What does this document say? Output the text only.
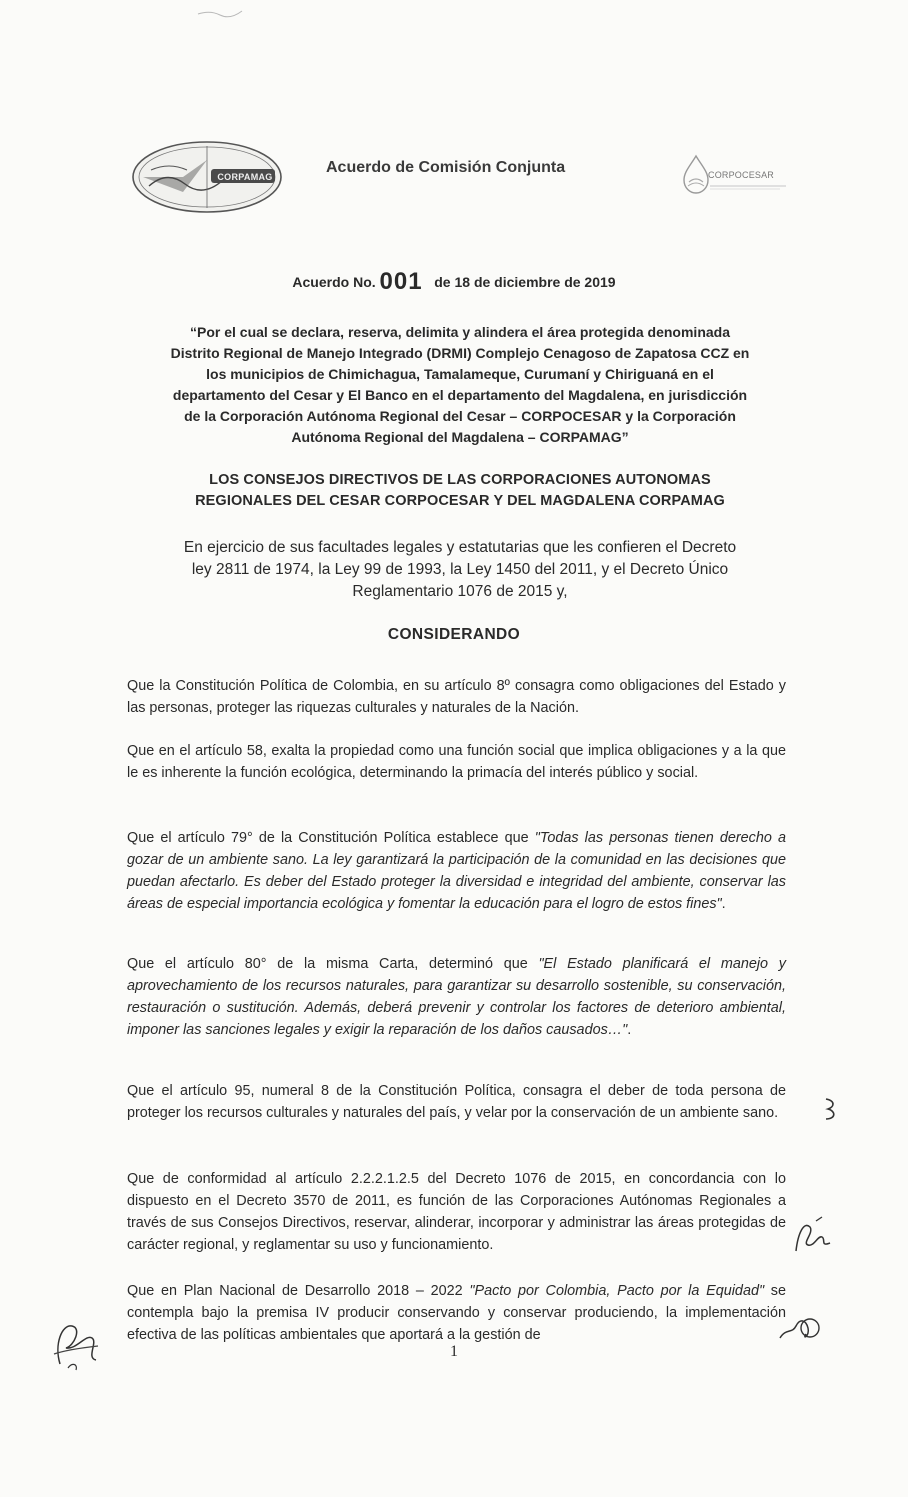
CORPAMAG
Acuerdo de Comisión Conjunta	CORPOCESAR
Acuerdo No. 001 de 18 de diciembre de 2019
“Por el cual se declara, reserva, delimita y alindera el área protegida denominada
Distrito Regional de Manejo Integrado (DRMI) Complejo Cenagoso de Zapatosa CCZ en
los municipios de Chimichagua, Tamalameque, Curumaní y Chiriguaná en el
departamento del Cesar y El Banco en el departamento del Magdalena, en jurisdicción
de la Corporación Autónoma Regional del Cesar – CORPOCESAR y la Corporación
Autónoma Regional del Magdalena – CORPAMAG”
LOS CONSEJOS DIRECTIVOS DE LAS CORPORACIONES AUTONOMAS
REGIONALES DEL CESAR CORPOCESAR Y DEL MAGDALENA CORPAMAG
En ejercicio de sus facultades legales y estatutarias que les confieren el Decreto
ley 2811 de 1974, la Ley 99 de 1993, la Ley 1450 del 2011, y el Decreto Único
Reglamentario 1076 de 2015 y,
CONSIDERANDO
Que la Constitución Política de Colombia, en su artículo 8º consagra como obligaciones del Estado y las personas, proteger las riquezas culturales y naturales de la Nación.
Que en el artículo 58, exalta la propiedad como una función social que implica obligaciones y a la que le es inherente la función ecológica, determinando la primacía del interés público y social.
Que el artículo 79° de la Constitución Política establece que "Todas las personas tienen derecho a gozar de un ambiente sano. La ley garantizará la participación de la comunidad en las decisiones que puedan afectarlo. Es deber del Estado proteger la diversidad e integridad del ambiente, conservar las áreas de especial importancia ecológica y fomentar la educación para el logro de estos fines".
Que el artículo 80° de la misma Carta, determinó que "El Estado planificará el manejo y aprovechamiento de los recursos naturales, para garantizar su desarrollo sostenible, su conservación, restauración o sustitución. Además, deberá prevenir y controlar los factores de deterioro ambiental, imponer las sanciones legales y exigir la reparación de los daños causados…".
Que el artículo 95, numeral 8 de la Constitución Política, consagra el deber de toda persona de proteger los recursos culturales y naturales del país, y velar por la conservación de un ambiente sano.
Que de conformidad al artículo 2.2.2.1.2.5 del Decreto 1076 de 2015, en concordancia con lo dispuesto en el Decreto 3570 de 2011, es función de las Corporaciones Autónomas Regionales a través de sus Consejos Directivos, reservar, alinderar, incorporar y administrar las áreas protegidas de carácter regional, y reglamentar su uso y funcionamiento.
Que en Plan Nacional de Desarrollo 2018 – 2022 "Pacto por Colombia, Pacto por la Equidad" se contempla bajo la premisa IV producir conservando y conservar produciendo, la implementación efectiva de las políticas ambientales que aportará a la gestión de
1
